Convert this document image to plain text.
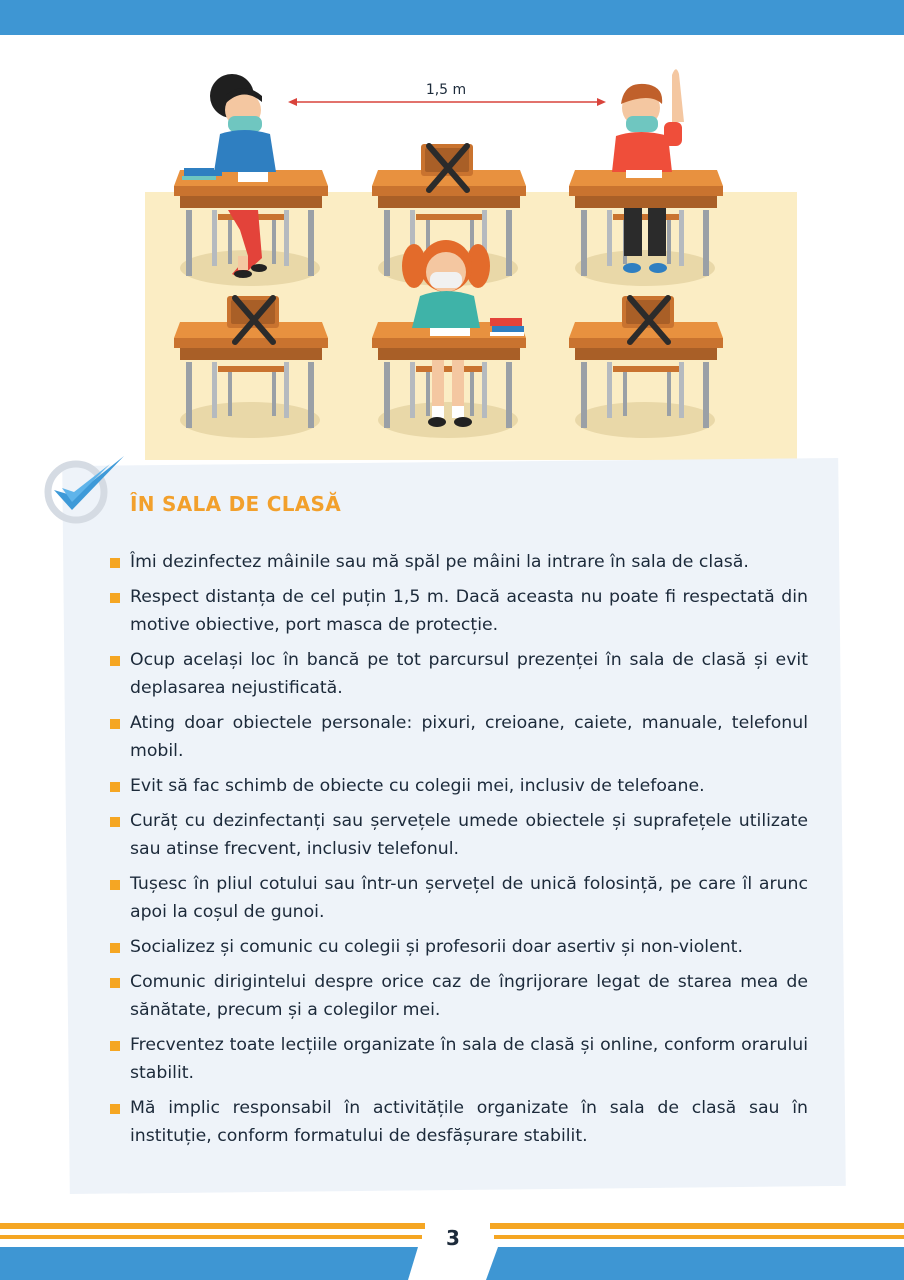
1,5 m
ÎN SALA DE CLASĂ
Îmi dezinfectez mâinile sau mă spăl pe mâini la intrare în sala de clasă.
Respect distanța de cel puțin 1,5 m. Dacă aceasta nu poate fi respectată din motive obiective, port masca de protecție.
Ocup același loc în bancă pe tot parcursul prezenței în sala de clasă și evit deplasarea nejustificată.
Ating doar obiectele personale: pixuri, creioane, caiete, manuale, telefonul mobil.
Evit să fac schimb de obiecte cu colegii mei, inclusiv de telefoane.
Curăț cu dezinfectanți sau șervețele umede obiectele și suprafețele utilizate sau atinse frecvent, inclusiv telefonul.
Tușesc în pliul cotului sau într-un șervețel de unică folosință, pe care îl arunc apoi la coșul de gunoi.
Socializez și comunic cu colegii și profesorii doar asertiv și non-violent.
Comunic dirigintelui despre orice caz de îngrijorare legat de starea mea de sănătate, precum și a colegilor mei.
Frecventez toate lecțiile organizate în sala de clasă și online, conform orarului stabilit.
Mă implic responsabil în activitățile organizate în sala de clasă sau în instituție, conform formatului de desfășurare stabilit.
3
